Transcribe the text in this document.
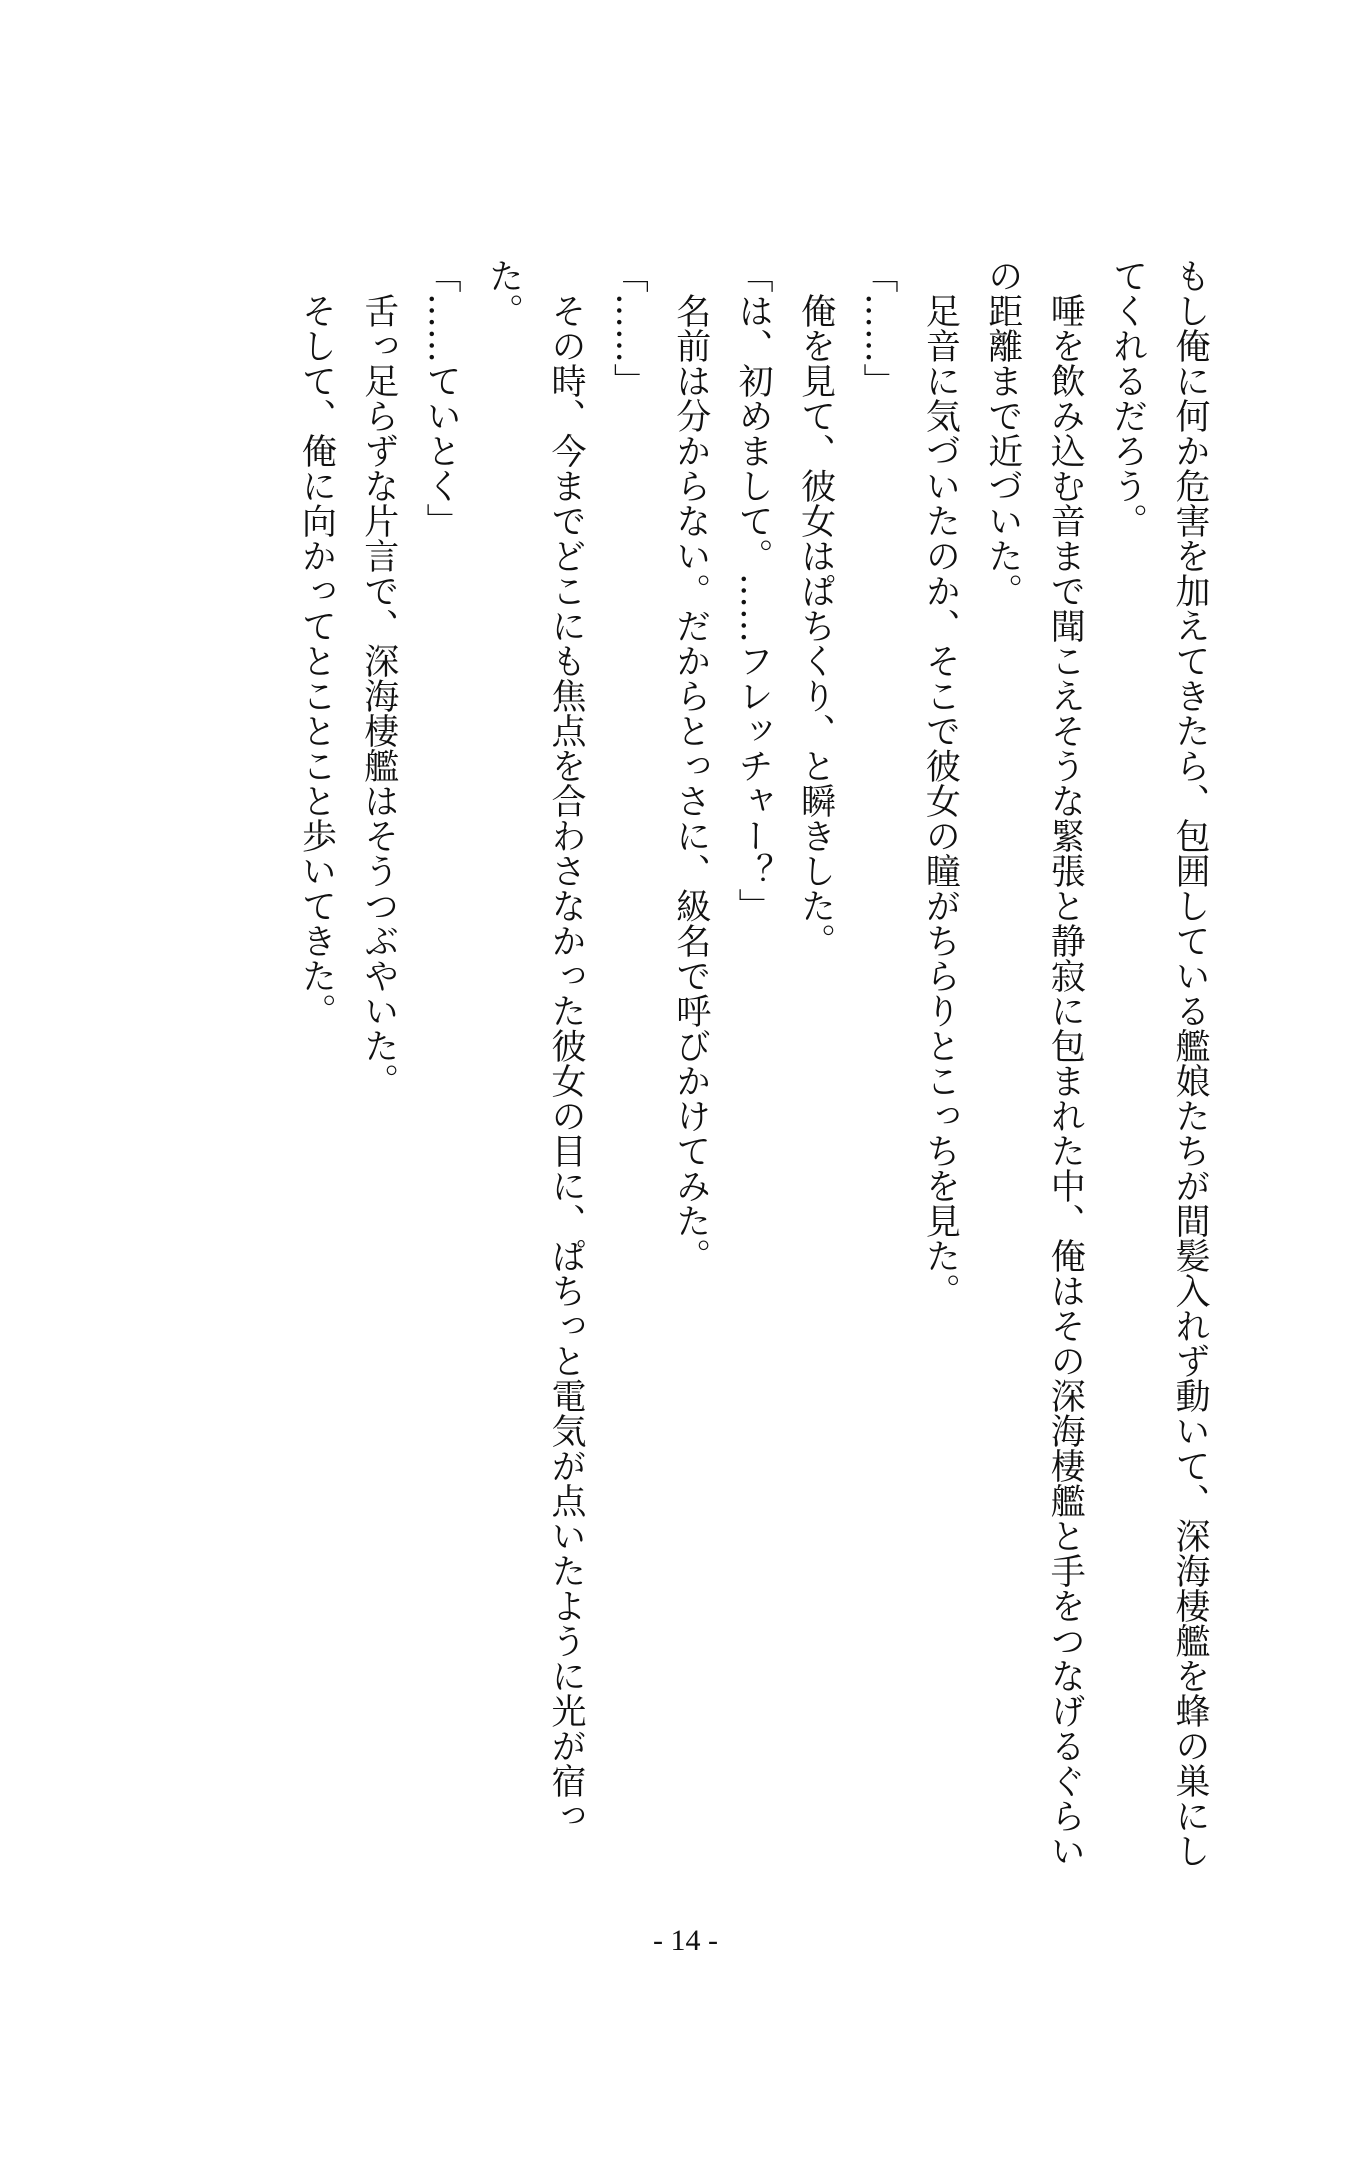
もし俺に何か危害を加えてきたら、包囲している艦娘たちが間髪入れず動いて、深海棲艦を蜂の巣にしてくれるだろう。

　唾を飲み込む音まで聞こえそうな緊張と静寂に包まれた中、俺はその深海棲艦と手をつなげるぐらいの距離まで近づいた。

　足音に気づいたのか、そこで彼女の瞳がちらりとこっちを見た。

「……」

　俺を見て、彼女はぱちくり、と瞬きした。

「は、初めまして。……フレッチャー？」

　名前は分からない。だからとっさに、級名で呼びかけてみた。

「……」

　その時、今までどこにも焦点を合わさなかった彼女の目に、ぱちっと電気が点いたように光が宿った。

「……ていとく」

　舌っ足らずな片言で、深海棲艦はそうつぶやいた。

　そして、俺に向かってとことこと歩いてきた。

- 14 -
